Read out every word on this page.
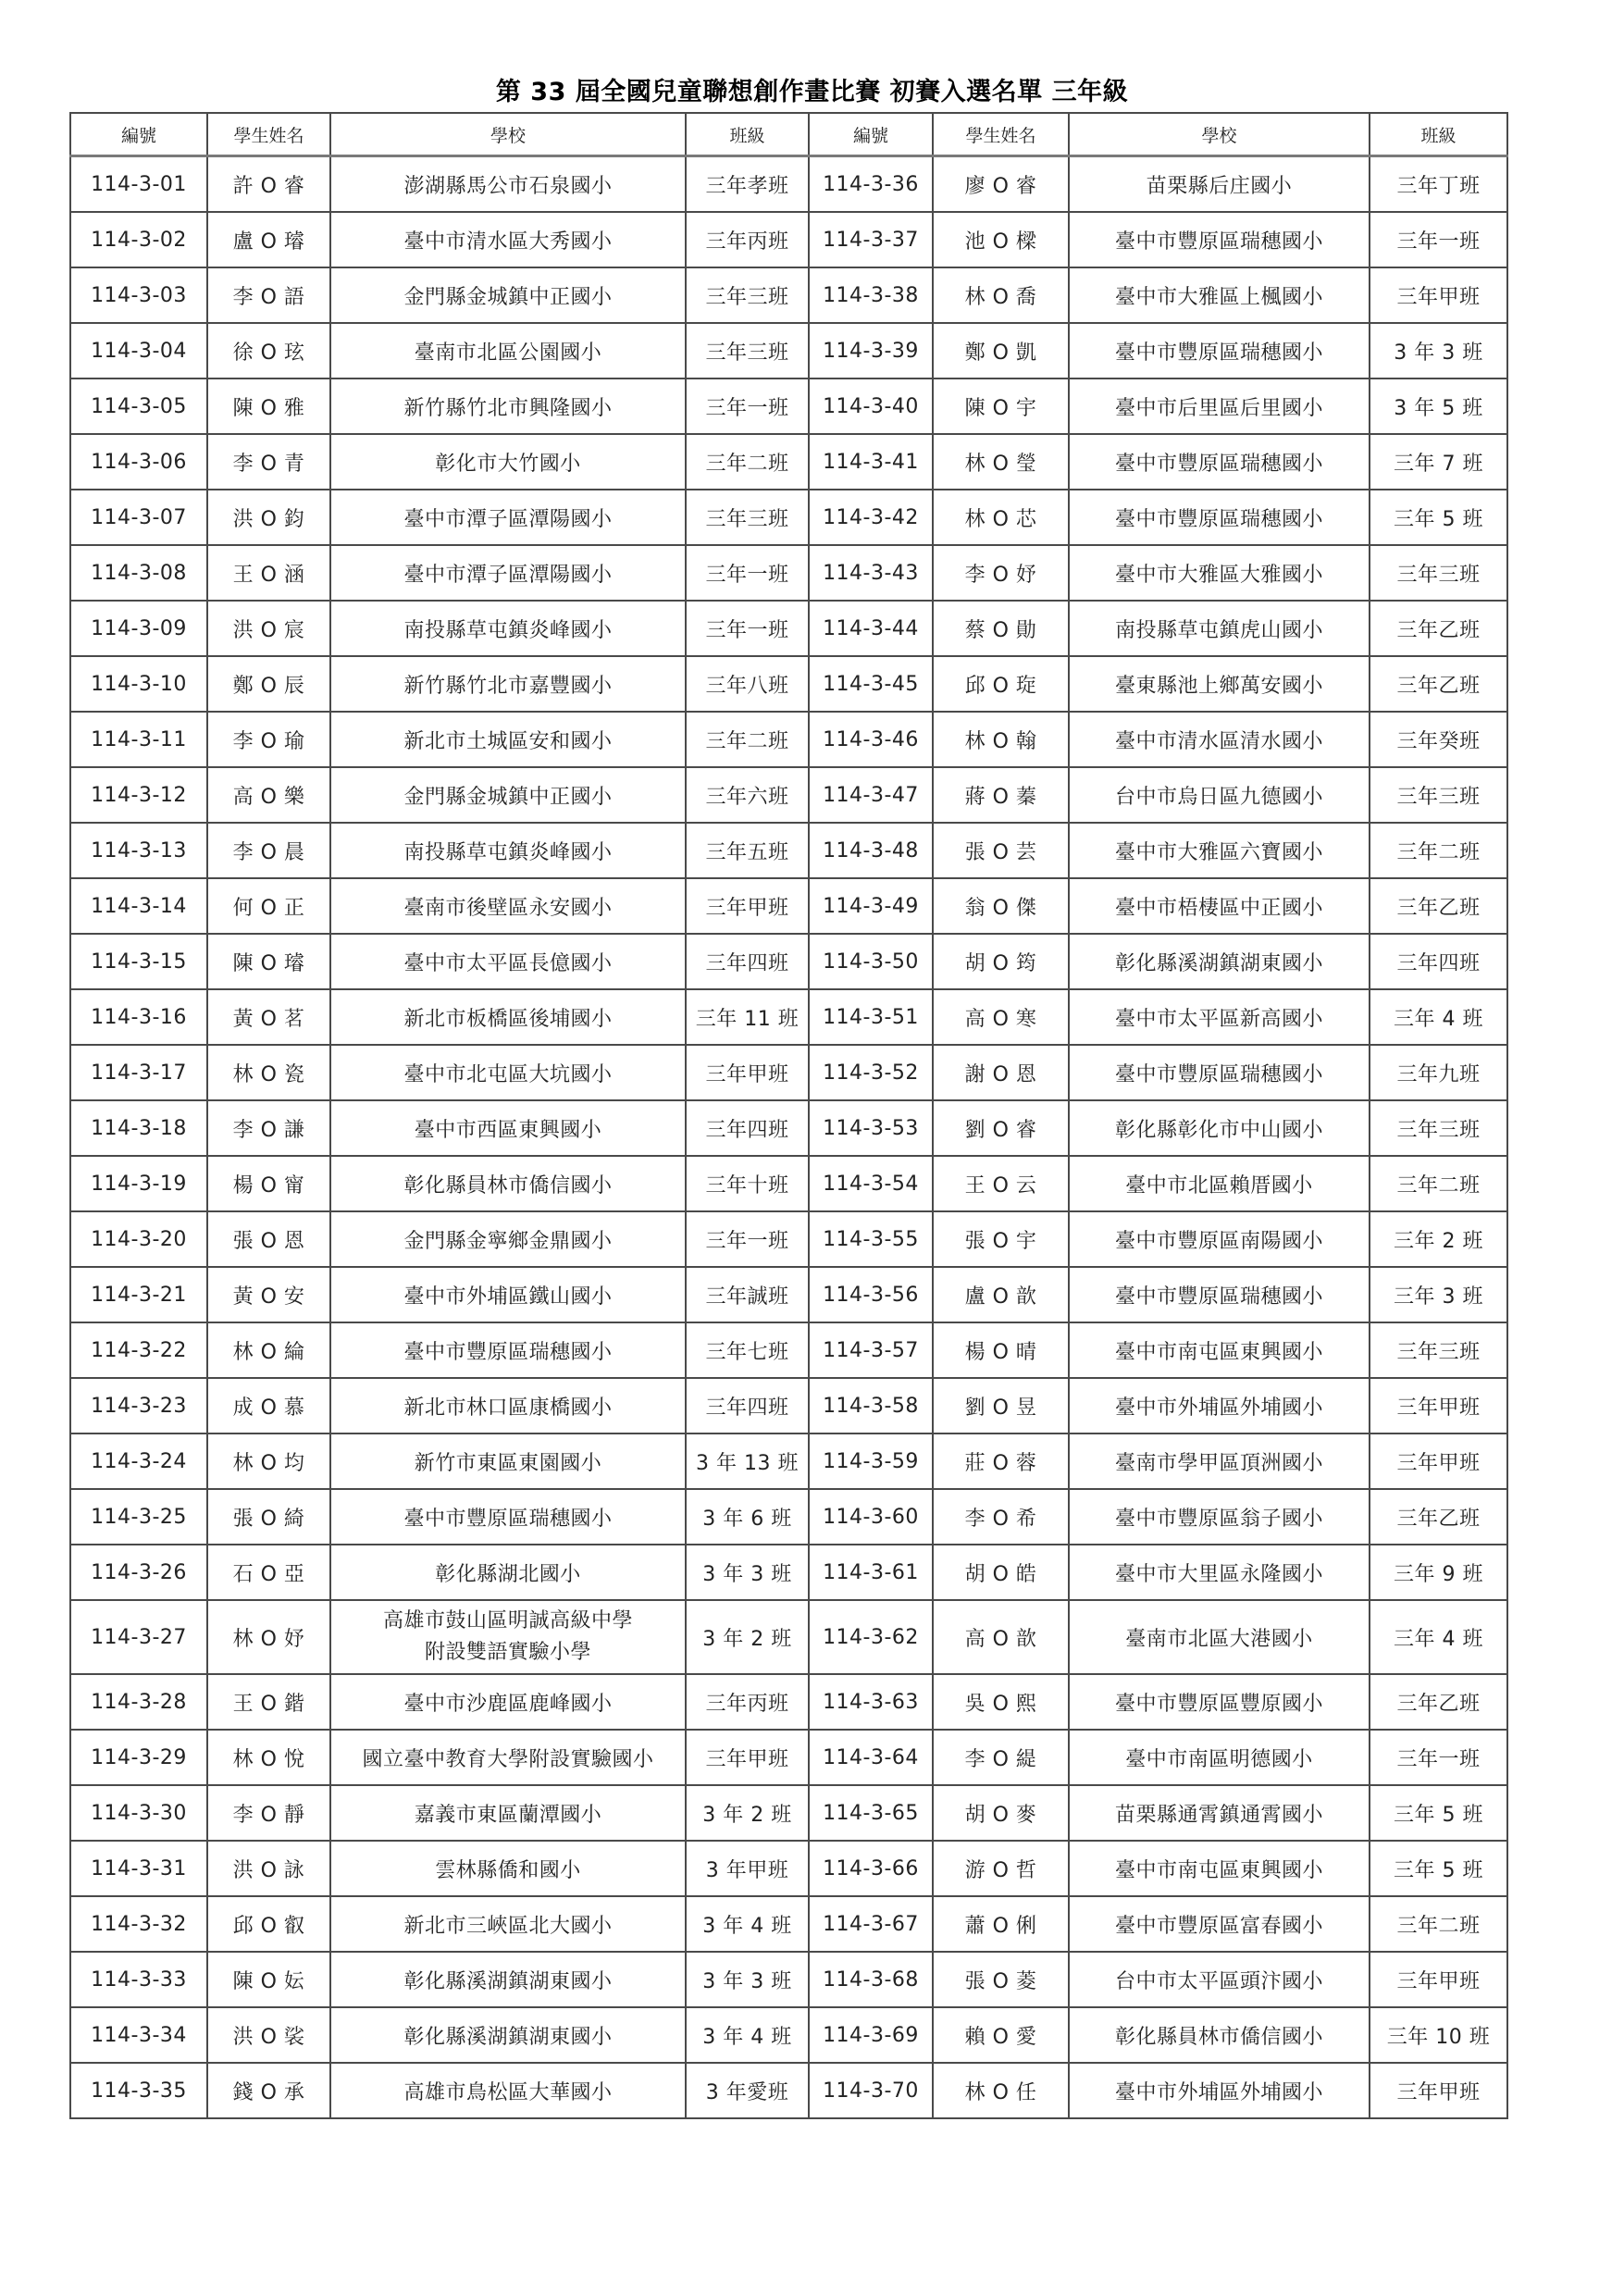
第 33 屆全國兒童聯想創作畫比賽 初賽入選名單 三年級
編號	學生姓名	學校	班級	編號	學生姓名	學校	班級
114-3-01	許 O 睿	澎湖縣馬公市石泉國小	三年孝班	114-3-36	廖 O 睿	苗栗縣后庄國小	三年丁班
114-3-02	盧 O 璿	臺中市清水區大秀國小	三年丙班	114-3-37	池 O 樑	臺中市豐原區瑞穗國小	三年一班
114-3-03	李 O 語	金門縣金城鎮中正國小	三年三班	114-3-38	林 O 喬	臺中市大雅區上楓國小	三年甲班
114-3-04	徐 O 玹	臺南市北區公園國小	三年三班	114-3-39	鄭 O 凱	臺中市豐原區瑞穗國小	3 年 3 班
114-3-05	陳 O 雅	新竹縣竹北市興隆國小	三年一班	114-3-40	陳 O 宇	臺中市后里區后里國小	3 年 5 班
114-3-06	李 O 青	彰化市大竹國小	三年二班	114-3-41	林 O 瑩	臺中市豐原區瑞穗國小	三年 7 班
114-3-07	洪 O 鈞	臺中市潭子區潭陽國小	三年三班	114-3-42	林 O 芯	臺中市豐原區瑞穗國小	三年 5 班
114-3-08	王 O 涵	臺中市潭子區潭陽國小	三年一班	114-3-43	李 O 妤	臺中市大雅區大雅國小	三年三班
114-3-09	洪 O 宸	南投縣草屯鎮炎峰國小	三年一班	114-3-44	蔡 O 勛	南投縣草屯鎮虎山國小	三年乙班
114-3-10	鄭 O 辰	新竹縣竹北市嘉豐國小	三年八班	114-3-45	邱 O 琁	臺東縣池上鄉萬安國小	三年乙班
114-3-11	李 O 瑜	新北市土城區安和國小	三年二班	114-3-46	林 O 翰	臺中市清水區清水國小	三年癸班
114-3-12	高 O 樂	金門縣金城鎮中正國小	三年六班	114-3-47	蔣 O 蓁	台中市烏日區九德國小	三年三班
114-3-13	李 O 晨	南投縣草屯鎮炎峰國小	三年五班	114-3-48	張 O 芸	臺中市大雅區六寶國小	三年二班
114-3-14	何 O 正	臺南市後壁區永安國小	三年甲班	114-3-49	翁 O 傑	臺中市梧棲區中正國小	三年乙班
114-3-15	陳 O 璿	臺中市太平區長億國小	三年四班	114-3-50	胡 O 筠	彰化縣溪湖鎮湖東國小	三年四班
114-3-16	黃 O 茗	新北市板橋區後埔國小	三年 11 班	114-3-51	高 O 寒	臺中市太平區新高國小	三年 4 班
114-3-17	林 O 瓷	臺中市北屯區大坑國小	三年甲班	114-3-52	謝 O 恩	臺中市豐原區瑞穗國小	三年九班
114-3-18	李 O 謙	臺中市西區東興國小	三年四班	114-3-53	劉 O 睿	彰化縣彰化市中山國小	三年三班
114-3-19	楊 O 甯	彰化縣員林市僑信國小	三年十班	114-3-54	王 O 云	臺中市北區賴厝國小	三年二班
114-3-20	張 O 恩	金門縣金寧鄉金鼎國小	三年一班	114-3-55	張 O 宇	臺中市豐原區南陽國小	三年 2 班
114-3-21	黃 O 安	臺中市外埔區鐵山國小	三年誠班	114-3-56	盧 O 歆	臺中市豐原區瑞穗國小	三年 3 班
114-3-22	林 O 綸	臺中市豐原區瑞穗國小	三年七班	114-3-57	楊 O 晴	臺中市南屯區東興國小	三年三班
114-3-23	成 O 慕	新北市林口區康橋國小	三年四班	114-3-58	劉 O 昱	臺中市外埔區外埔國小	三年甲班
114-3-24	林 O 均	新竹市東區東園國小	3 年 13 班	114-3-59	莊 O 蓉	臺南市學甲區頂洲國小	三年甲班
114-3-25	張 O 綺	臺中市豐原區瑞穗國小	3 年 6 班	114-3-60	李 O 希	臺中市豐原區翁子國小	三年乙班
114-3-26	石 O 亞	彰化縣湖北國小	3 年 3 班	114-3-61	胡 O 皓	臺中市大里區永隆國小	三年 9 班
114-3-27	林 O 妤	高雄市鼓山區明誠高級中學
附設雙語實驗小學	3 年 2 班	114-3-62	高 O 歆	臺南市北區大港國小	三年 4 班
114-3-28	王 O 鍇	臺中市沙鹿區鹿峰國小	三年丙班	114-3-63	吳 O 熙	臺中市豐原區豐原國小	三年乙班
114-3-29	林 O 悅	國立臺中教育大學附設實驗國小	三年甲班	114-3-64	李 O 緹	臺中市南區明德國小	三年一班
114-3-30	李 O 靜	嘉義市東區蘭潭國小	3 年 2 班	114-3-65	胡 O 麥	苗栗縣通霄鎮通霄國小	三年 5 班
114-3-31	洪 O 詠	雲林縣僑和國小	3 年甲班	114-3-66	游 O 哲	臺中市南屯區東興國小	三年 5 班
114-3-32	邱 O 叡	新北市三峽區北大國小	3 年 4 班	114-3-67	蕭 O 俐	臺中市豐原區富春國小	三年二班
114-3-33	陳 O 妘	彰化縣溪湖鎮湖東國小	3 年 3 班	114-3-68	張 O 菱	台中市太平區頭汴國小	三年甲班
114-3-34	洪 O 裟	彰化縣溪湖鎮湖東國小	3 年 4 班	114-3-69	賴 O 愛	彰化縣員林市僑信國小	三年 10 班
114-3-35	錢 O 承	高雄市鳥松區大華國小	3 年愛班	114-3-70	林 O 任	臺中市外埔區外埔國小	三年甲班
